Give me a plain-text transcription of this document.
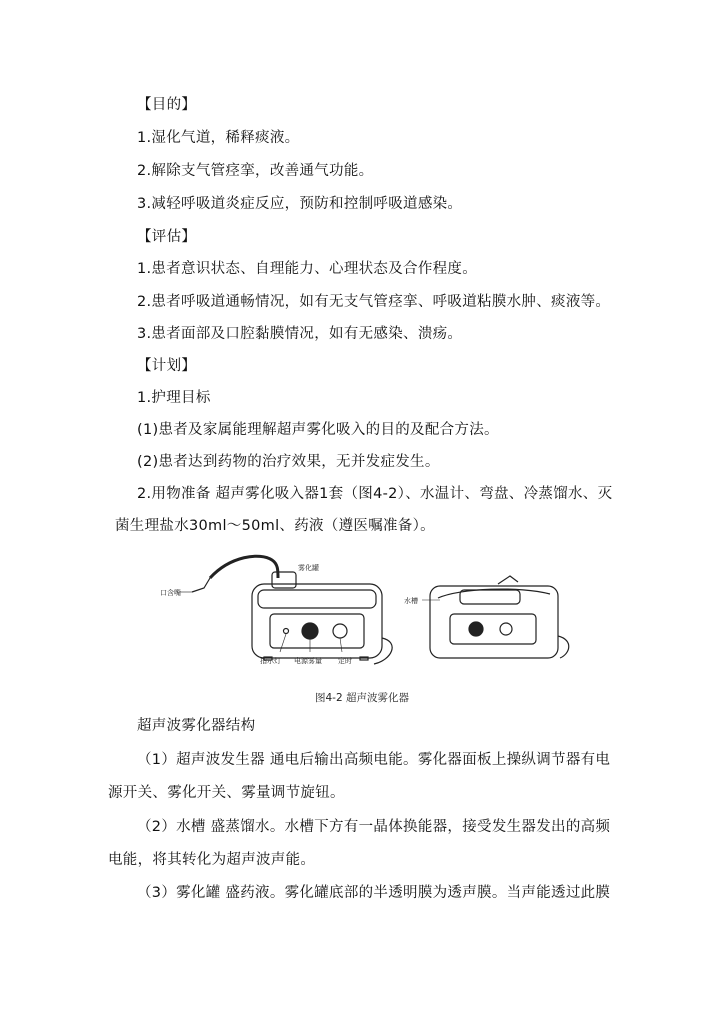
【目的】
1.湿化气道，稀释痰液。
2.解除支气管痉挛，改善通气功能。
3.减轻呼吸道炎症反应，预防和控制呼吸道感染。
【评估】
1.患者意识状态、自理能力、心理状态及合作程度。
2.患者呼吸道通畅情况，如有无支气管痉挛、呼吸道粘膜水肿、痰液等。
3.患者面部及口腔黏膜情况，如有无感染、溃疡。
【计划】
1.护理目标
(1)患者及家属能理解超声雾化吸入的目的及配合方法。
(2)患者达到药物的治疗效果，无并发症发生。
2.用物准备 超声雾化吸入器1套（图4-2）、水温计、弯盘、冷蒸馏水、灭
菌生理盐水30ml～50ml、药液（遵医嘱准备）。
口含嘴
雾化罐
指示灯 电源雾量 定时
水槽
图4-2 超声波雾化器
超声波雾化器结构
（1）超声波发生器 通电后输出高频电能。雾化器面板上操纵调节器有电
源开关、雾化开关、雾量调节旋钮。
（2）水槽 盛蒸馏水。水槽下方有一晶体换能器，接受发生器发出的高频
电能，将其转化为超声波声能。
（3）雾化罐 盛药液。雾化罐底部的半透明膜为透声膜。当声能透过此膜
